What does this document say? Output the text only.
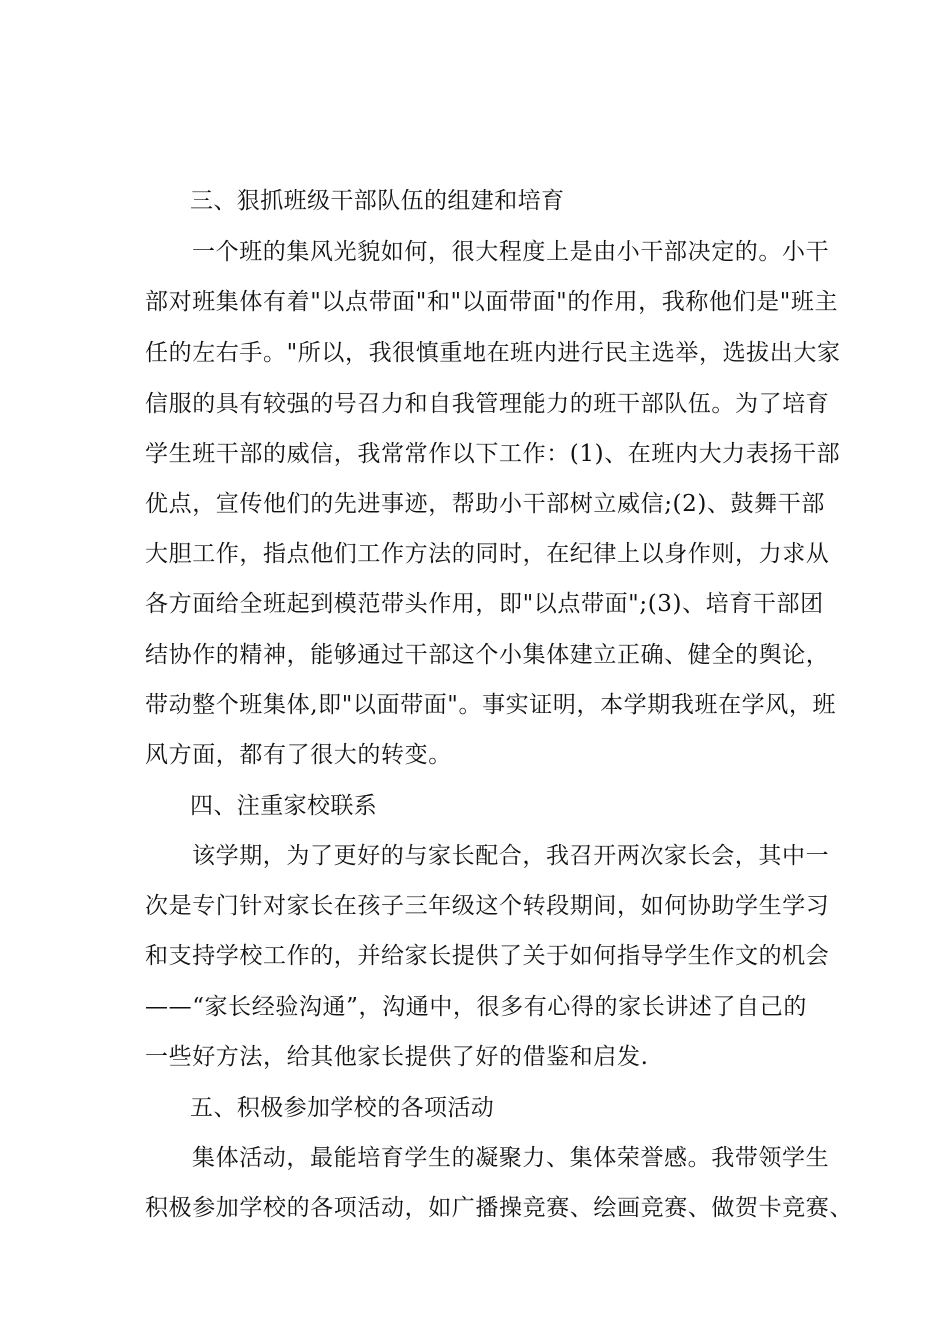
三、狠抓班级干部队伍的组建和培育
一个班的集风光貌如何，很大程度上是由小干部决定的。小干
部对班集体有着"以点带面"和"以面带面"的作用，我称他们是"班主
任的左右手。"所以，我很慎重地在班内进行民主选举，选拔出大家
信服的具有较强的号召力和自我管理能力的班干部队伍。为了培育
学生班干部的威信，我常常作以下工作：(1)、在班内大力表扬干部
优点，宣传他们的先进事迹，帮助小干部树立威信;(2)、鼓舞干部
大胆工作，指点他们工作方法的同时，在纪律上以身作则，力求从
各方面给全班起到模范带头作用，即"以点带面";(3)、培育干部团
结协作的精神，能够通过干部这个小集体建立正确、健全的舆论，
带动整个班集体,即"以面带面"。事实证明，本学期我班在学风，班
风方面，都有了很大的转变。
四、注重家校联系
该学期，为了更好的与家长配合，我召开两次家长会，其中一
次是专门针对家长在孩子三年级这个转段期间，如何协助学生学习
和支持学校工作的，并给家长提供了关于如何指导学生作文的机会
——“家长经验沟通”，沟通中，很多有心得的家长讲述了自己的
一些好方法，给其他家长提供了好的借鉴和启发.
五、积极参加学校的各项活动
集体活动，最能培育学生的凝聚力、集体荣誉感。我带领学生
积极参加学校的各项活动，如广播操竞赛、绘画竞赛、做贺卡竞赛、
